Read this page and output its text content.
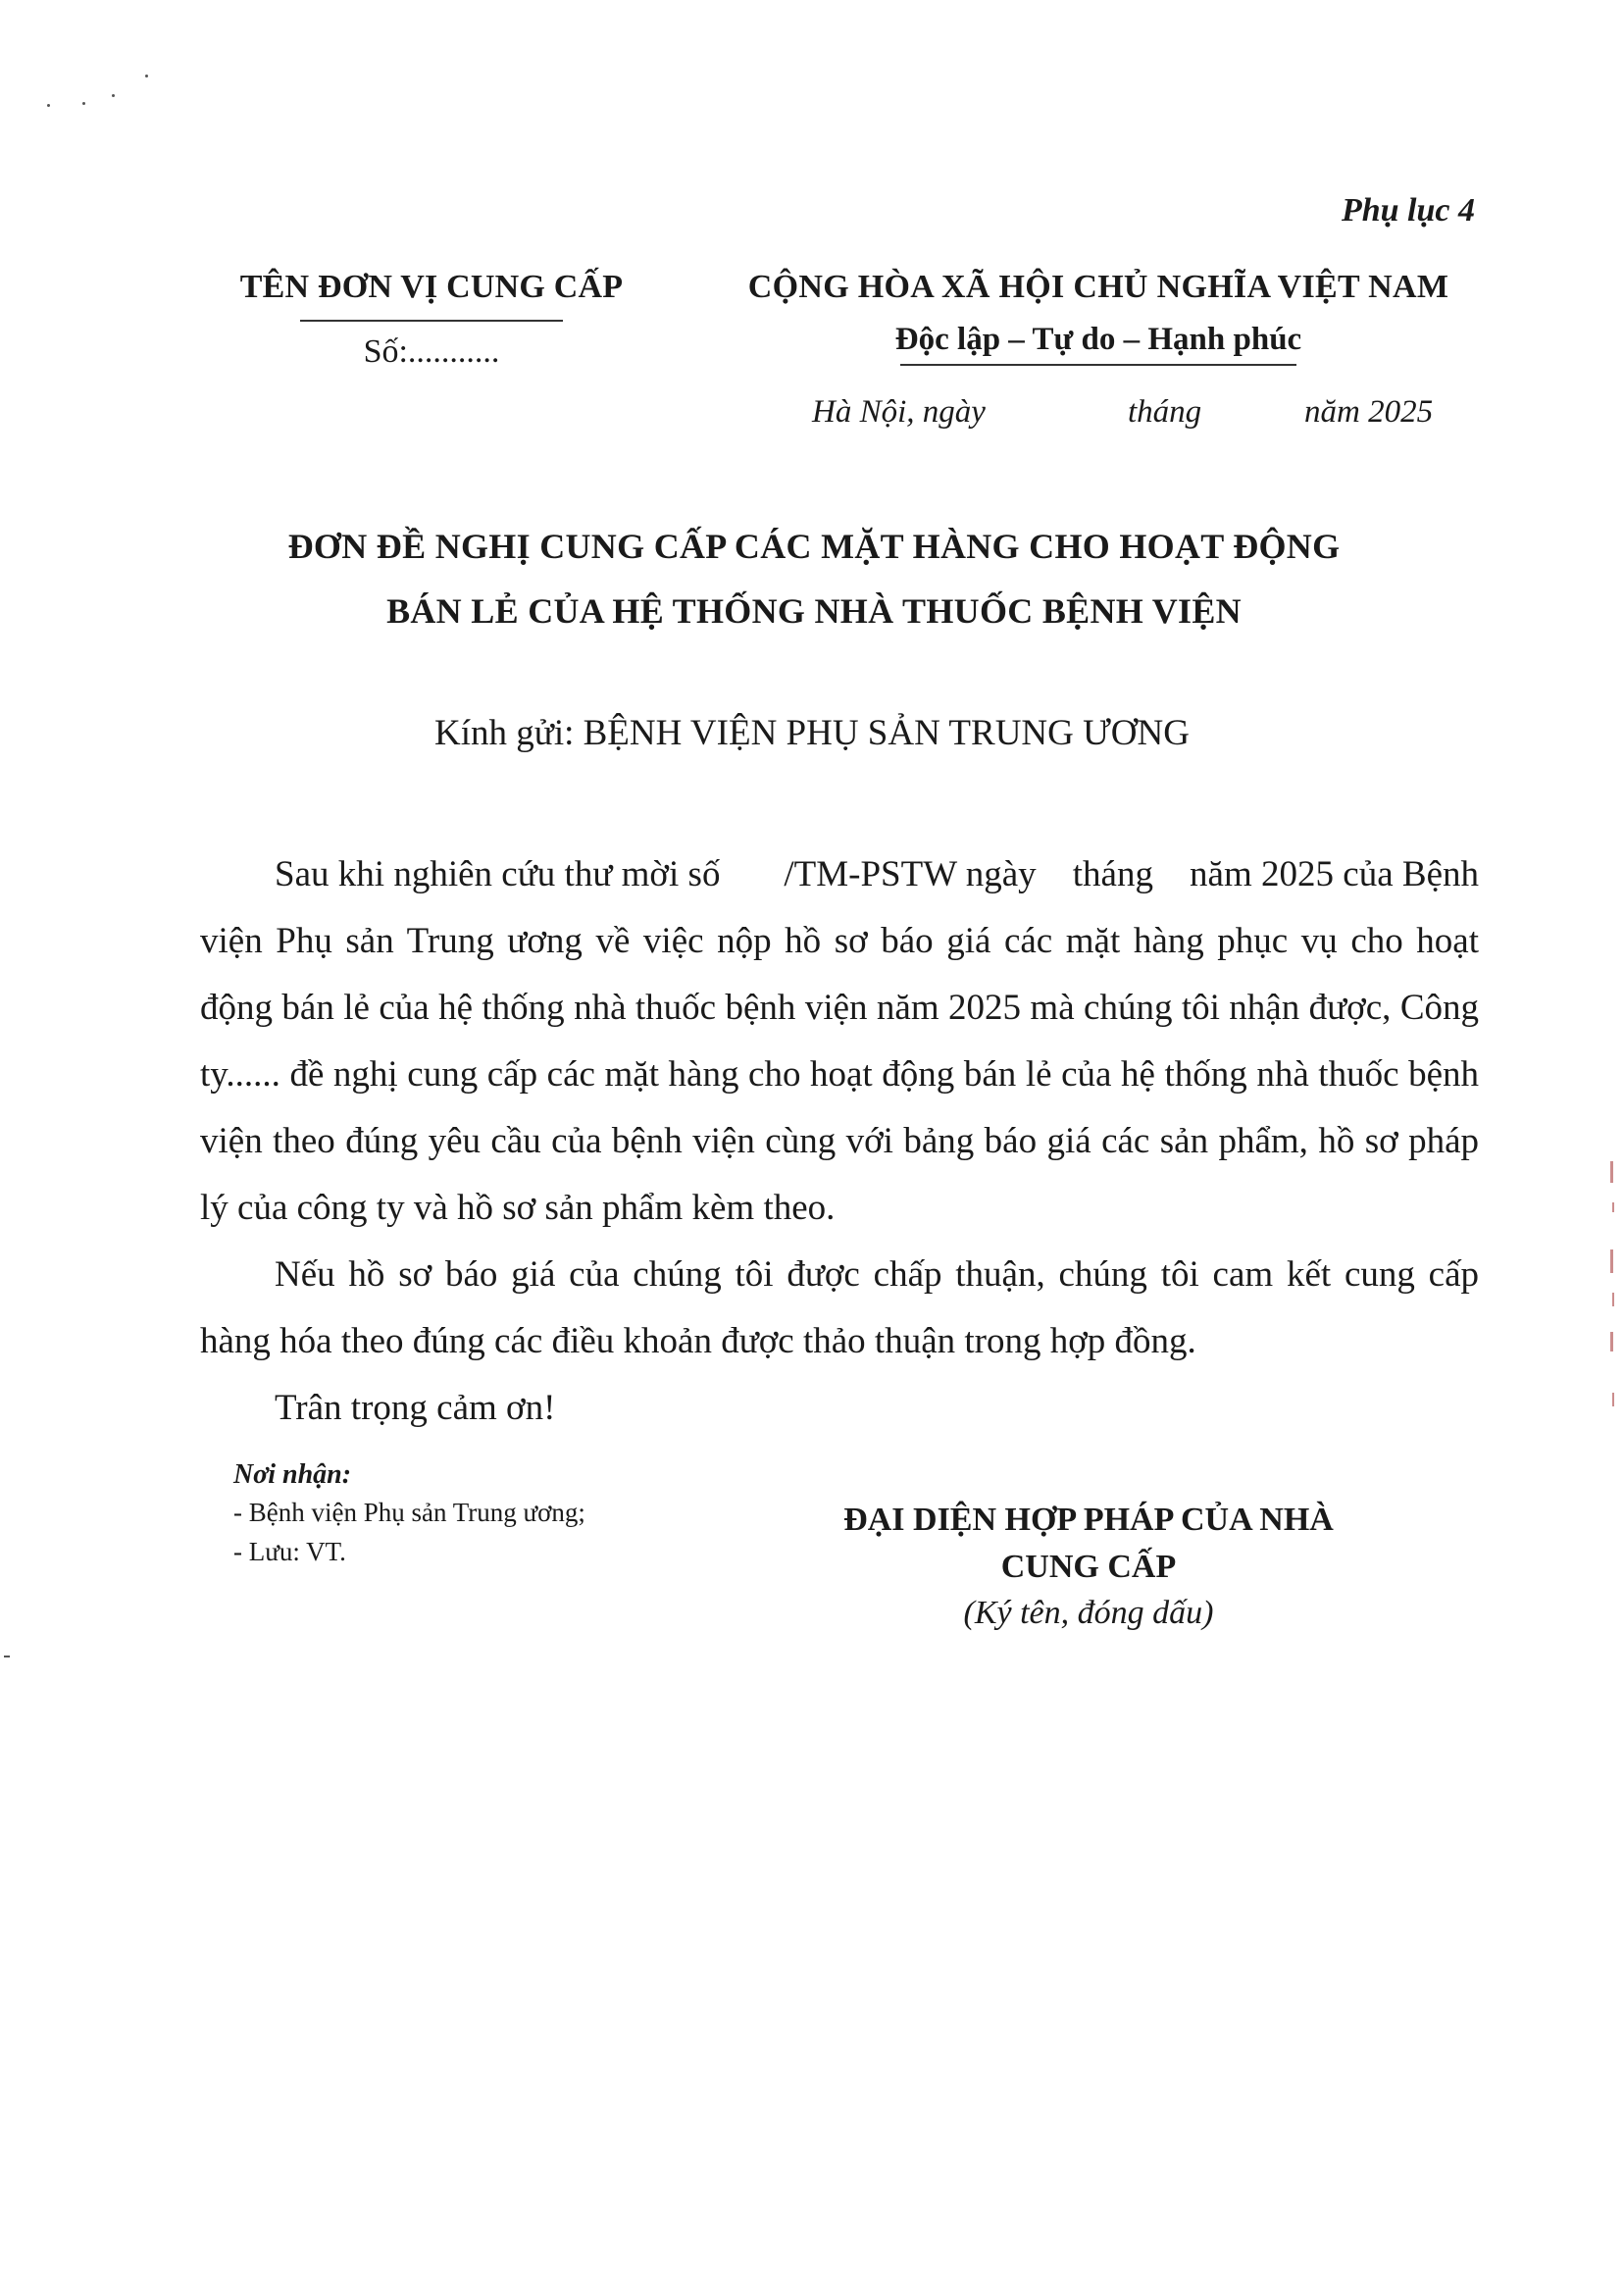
Phụ lục 4
TÊN ĐƠN VỊ CUNG CẤP
Số:...........
CỘNG HÒA XÃ HỘI CHỦ NGHĨA VIỆT NAM
Độc lập – Tự do – Hạnh phúc
Hà Nội, ngày	tháng	năm 2025
ĐƠN ĐỀ NGHỊ CUNG CẤP CÁC MẶT HÀNG CHO HOẠT ĐỘNG
BÁN LẺ CỦA HỆ THỐNG NHÀ THUỐC BỆNH VIỆN
Kính gửi: BỆNH VIỆN PHỤ SẢN TRUNG ƯƠNG

Sau khi nghiên cứu thư mời số       /TM-PSTW ngày    tháng    năm 2025 của Bệnh viện Phụ sản Trung ương về việc nộp hồ sơ báo giá các mặt hàng phục vụ cho hoạt động bán lẻ của hệ thống nhà thuốc bệnh viện năm 2025 mà chúng tôi nhận được, Công ty...... đề nghị cung cấp các mặt hàng cho hoạt động bán lẻ của hệ thống nhà thuốc bệnh viện theo đúng yêu cầu của bệnh viện cùng với bảng báo giá các sản phẩm, hồ sơ pháp lý của công ty và hồ sơ sản phẩm kèm theo.

Nếu hồ sơ báo giá của chúng tôi được chấp thuận, chúng tôi cam kết cung cấp hàng hóa theo đúng các điều khoản được thảo thuận trong hợp đồng.

Trân trọng cảm ơn!

Nơi nhận:
- Bệnh viện Phụ sản Trung ương;
- Lưu: VT.
ĐẠI DIỆN HỢP PHÁP CỦA NHÀ
CUNG CẤP
(Ký tên, đóng dấu)
